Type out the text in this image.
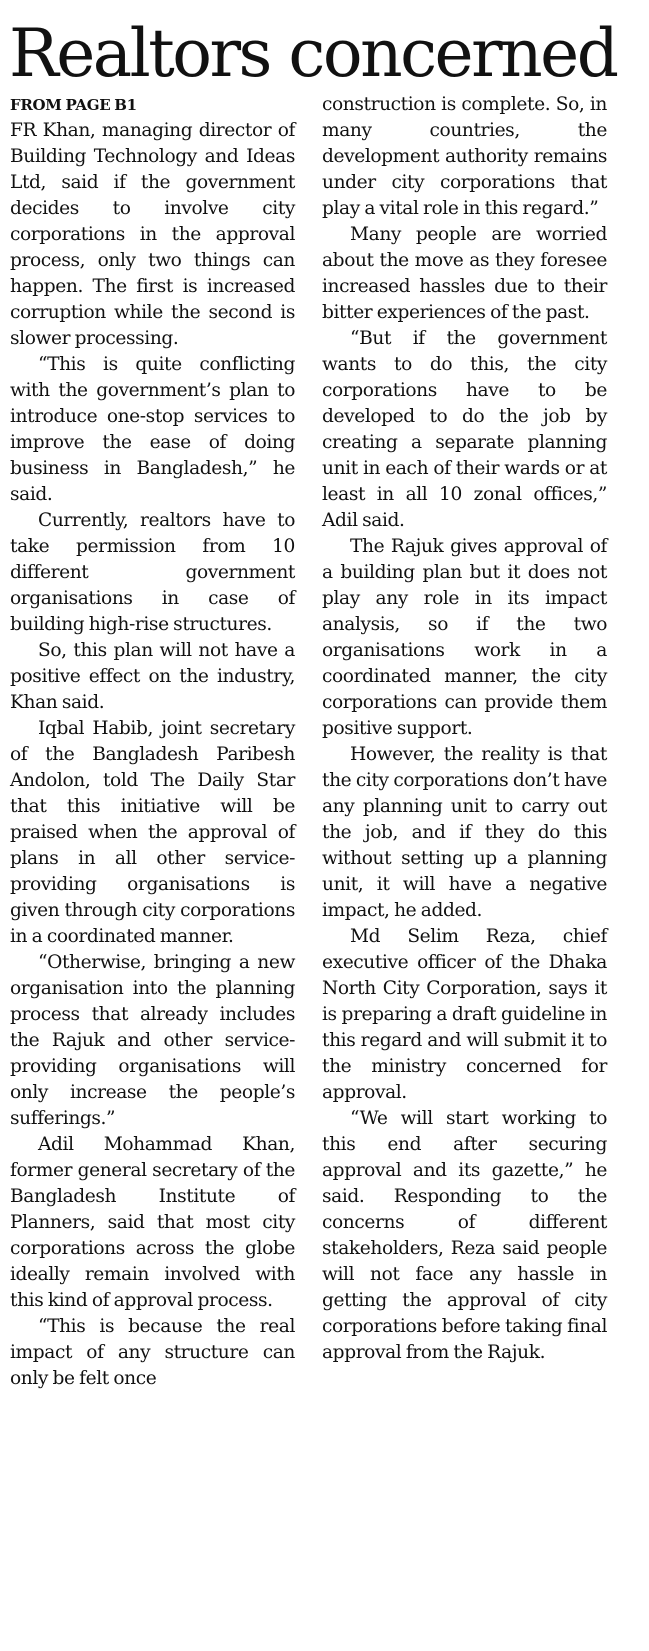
Realtors concerned
FROM PAGE B1

FR Khan, managing director of Building Technology and Ideas Ltd, said if the government decides to involve city corporations in the approval process, only two things can happen. The first is increased corruption while the second is slower processing.

“This is quite conflicting with the government’s plan to introduce one-stop services to improve the ease of doing business in Bangladesh,” he said.

Currently, realtors have to take permission from 10 different government organisations in case of building high-rise structures.

So, this plan will not have a positive effect on the industry, Khan said.

Iqbal Habib, joint secretary of the Bangladesh Paribesh Andolon, told The Daily Star that this initiative will be praised when the approval of plans in all other service-providing organisations is given through city corporations in a coordinated manner.

“Otherwise, bringing a new organisation into the planning process that already includes the Rajuk and other service-providing organisations will only increase the people’s sufferings.”

Adil Mohammad Khan, former general secretary of the Bangladesh Institute of Planners, said that most city corporations across the globe ideally remain involved with this kind of approval process.

“This is because the real impact of any structure can only be felt once

construction is complete. So, in many countries, the development authority remains under city corporations that play a vital role in this regard.”

Many people are worried about the move as they foresee increased hassles due to their bitter experiences of the past.

“But if the government wants to do this, the city corporations have to be developed to do the job by creating a separate planning unit in each of their wards or at least in all 10 zonal offices,” Adil said.

The Rajuk gives approval of a building plan but it does not play any role in its impact analysis, so if the two organisations work in a coordinated manner, the city corporations can provide them positive support.

However, the reality is that the city corporations don’t have any planning unit to carry out the job, and if they do this without setting up a planning unit, it will have a negative impact, he added.

Md Selim Reza, chief executive officer of the Dhaka North City Corporation, says it is preparing a draft guideline in this regard and will submit it to the ministry concerned for approval.

“We will start working to this end after securing approval and its gazette,” he said. Responding to the concerns of different stakeholders, Reza said people will not face any hassle in getting the approval of city corporations before taking final approval from the Rajuk.
